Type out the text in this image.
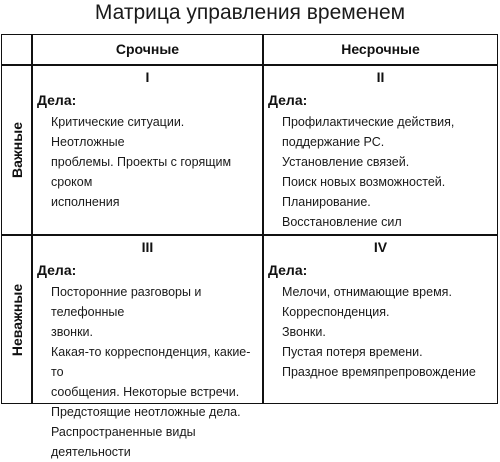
Матрица управления временем
Срочные	Несрочные
Важные
Неважные
I
Дела:
Критические ситуации. Неотложные
проблемы. Проекты с горящим сроком
исполнения
II
Дела:
Профилактические действия,
поддержание РС.
Установление связей.
Поиск новых возможностей.
Планирование.
Восстановление сил
III
Дела:
Посторонние разговоры и телефонные
звонки.
Какая-то корреспонденция, какие-то
сообщения. Некоторые встречи.
Предстоящие неотложные дела.
Распространенные виды деятельности
IV
Дела:
Мелочи, отнимающие время.
Корреспонденция.
Звонки.
Пустая потеря времени.
Праздное времяпрепровождение
